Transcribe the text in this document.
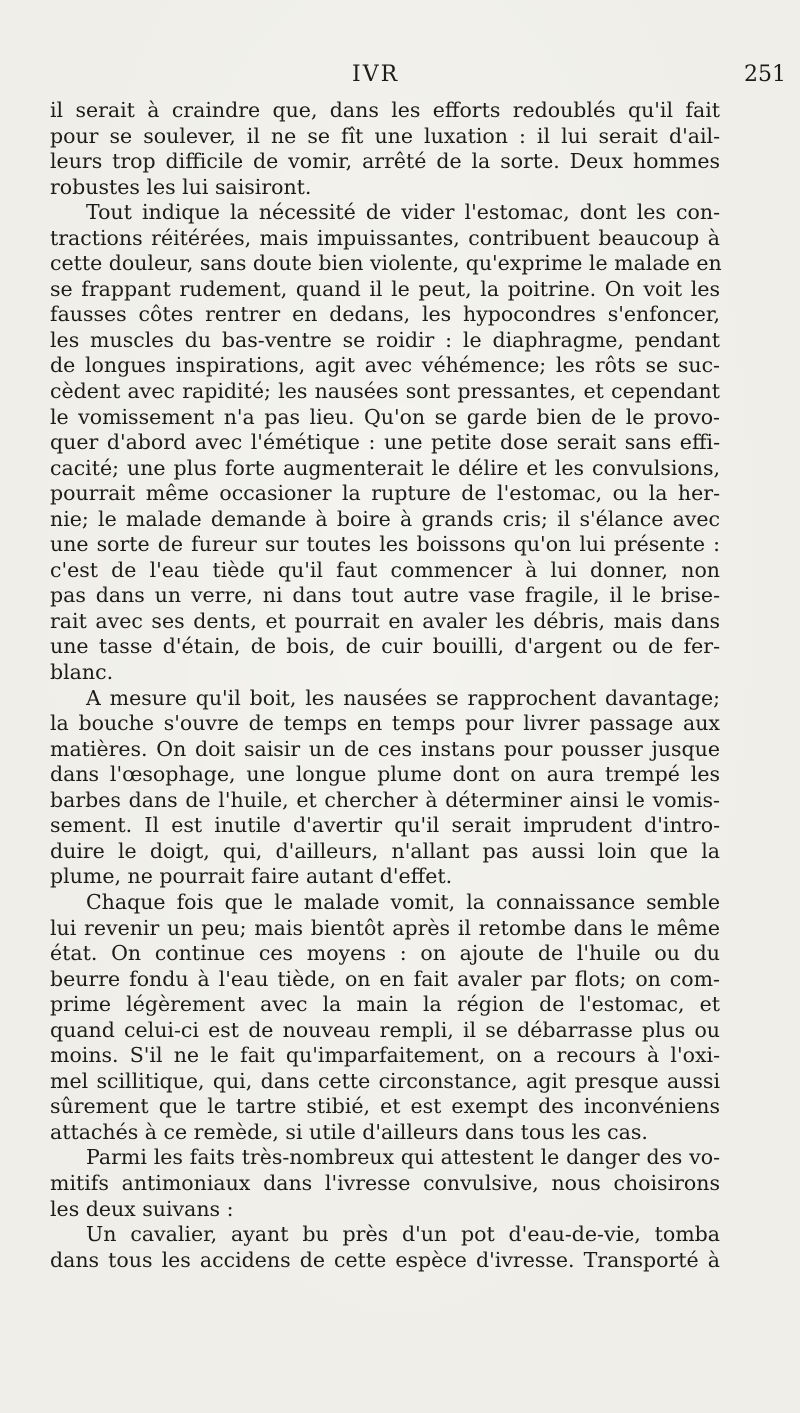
IVR	251
il serait à craindre que, dans les efforts redoublés qu'il fait
pour se soulever, il ne se fît une luxation : il lui serait d'ail-
leurs trop difficile de vomir, arrêté de la sorte. Deux hommes
robustes les lui saisiront.
Tout indique la nécessité de vider l'estomac, dont les con-
tractions réitérées, mais impuissantes, contribuent beaucoup à
cette douleur, sans doute bien violente, qu'exprime le malade en
se frappant rudement, quand il le peut, la poitrine. On voit les
fausses côtes rentrer en dedans, les hypocondres s'enfoncer,
les muscles du bas-ventre se roidir : le diaphragme, pendant
de longues inspirations, agit avec véhémence; les rôts se suc-
cèdent avec rapidité; les nausées sont pressantes, et cependant
le vomissement n'a pas lieu. Qu'on se garde bien de le provo-
quer d'abord avec l'émétique : une petite dose serait sans effi-
cacité; une plus forte augmenterait le délire et les convulsions,
pourrait même occasioner la rupture de l'estomac, ou la her-
nie; le malade demande à boire à grands cris; il s'élance avec
une sorte de fureur sur toutes les boissons qu'on lui présente :
c'est de l'eau tiède qu'il faut commencer à lui donner, non
pas dans un verre, ni dans tout autre vase fragile, il le brise-
rait avec ses dents, et pourrait en avaler les débris, mais dans
une tasse d'étain, de bois, de cuir bouilli, d'argent ou de fer-
blanc.
A mesure qu'il boit, les nausées se rapprochent davantage;
la bouche s'ouvre de temps en temps pour livrer passage aux
matières. On doit saisir un de ces instans pour pousser jusque
dans l'œsophage, une longue plume dont on aura trempé les
barbes dans de l'huile, et chercher à déterminer ainsi le vomis-
sement. Il est inutile d'avertir qu'il serait imprudent d'intro-
duire le doigt, qui, d'ailleurs, n'allant pas aussi loin que la
plume, ne pourrait faire autant d'effet.
Chaque fois que le malade vomit, la connaissance semble
lui revenir un peu; mais bientôt après il retombe dans le même
état. On continue ces moyens : on ajoute de l'huile ou du
beurre fondu à l'eau tiède, on en fait avaler par flots; on com-
prime légèrement avec la main la région de l'estomac, et
quand celui-ci est de nouveau rempli, il se débarrasse plus ou
moins. S'il ne le fait qu'imparfaitement, on a recours à l'oxi-
mel scillitique, qui, dans cette circonstance, agit presque aussi
sûrement que le tartre stibié, et est exempt des inconvéniens
attachés à ce remède, si utile d'ailleurs dans tous les cas.
Parmi les faits très-nombreux qui attestent le danger des vo-
mitifs antimoniaux dans l'ivresse convulsive, nous choisirons
les deux suivans :
Un cavalier, ayant bu près d'un pot d'eau-de-vie, tomba
dans tous les accidens de cette espèce d'ivresse. Transporté à
